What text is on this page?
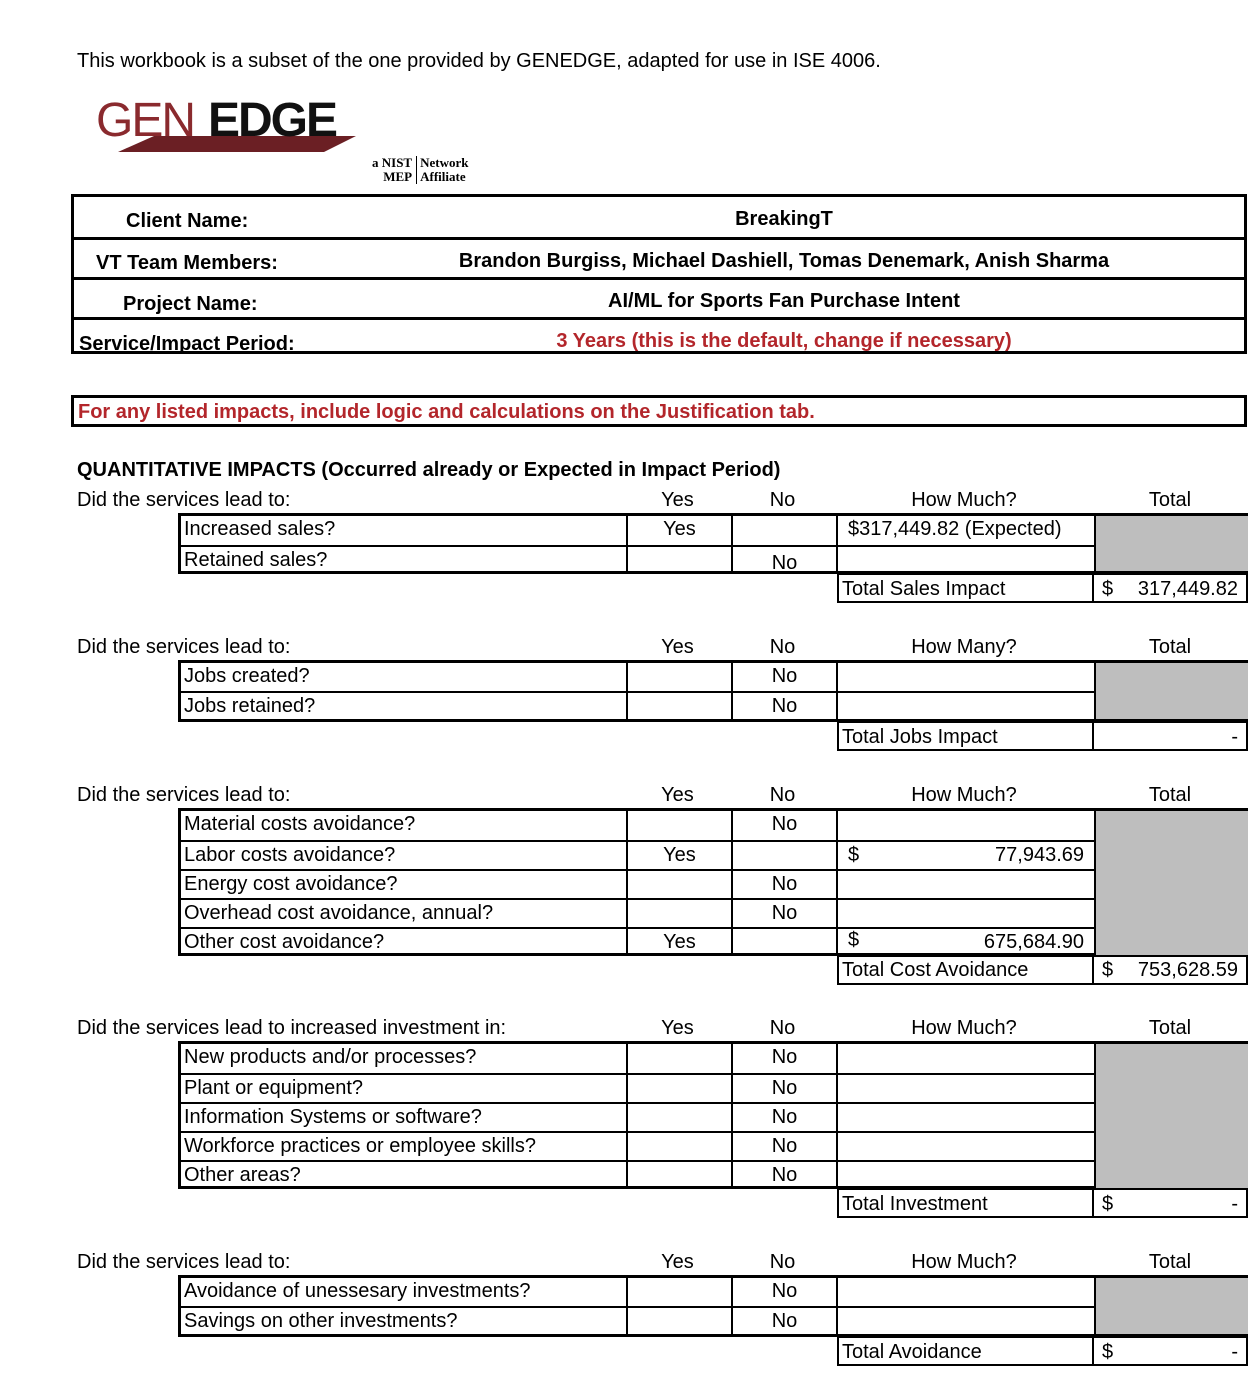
This workbook is a subset of the one provided by GENEDGE, adapted for use in ISE 4006.
GEN EDGE
a NIST
MEPNetwork
Affiliate
Client Name:	BreakingT
VT Team Members:	Brandon Burgiss, Michael Dashiell, Tomas Denemark, Anish Sharma
Project Name:	AI/ML for Sports Fan Purchase Intent
Service/Impact Period:	3 Years (this is the default, change if necessary)
For any listed impacts, include logic and calculations on the Justification tab.
QUANTITATIVE IMPACTS (Occurred already or Expected in Impact Period)
Did the services lead to:	Yes	No	How Much?	Total
Increased sales?	Yes	$317,449.82 (Expected)
Retained sales?	No
Total Sales Impact	$ 317,449.82
Did the services lead to:	Yes	No	How Many?	Total
Jobs created?	No
Jobs retained?	No
Total Jobs Impact	-
Did the services lead to:	Yes	No	How Much?	Total
Material costs avoidance?	No
Labor costs avoidance?	Yes	$	77,943.69
Energy cost avoidance?	No
Overhead cost avoidance, annual?	No
Other cost avoidance?	Yes	$	675,684.90
Total Cost Avoidance	$ 753,628.59
Did the services lead to increased investment in:	Yes	No	How Much?	Total
New products and/or processes?	No
Plant or equipment?	No
Information Systems or software?	No
Workforce practices or employee skills?	No
Other areas?	No
Total Investment	$	-
Did the services lead to:	Yes	No	How Much?	Total
Avoidance of unessesary investments?	No
Savings on other investments?	No
Total Avoidance	$	-
